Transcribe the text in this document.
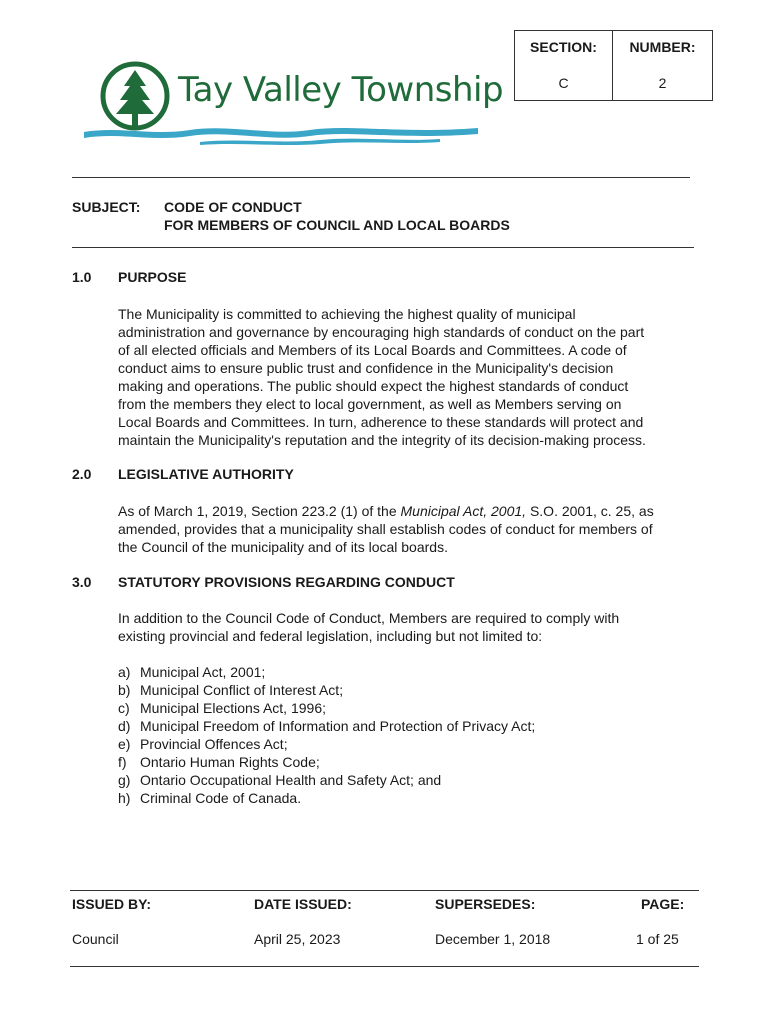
Tay Valley Township
SECTION:
C
NUMBER:
2
SUBJECT: CODE OF CONDUCT
FOR MEMBERS OF COUNCIL AND LOCAL BOARDS
1.0 PURPOSE
The Municipality is committed to achieving the highest quality of municipal
administration and governance by encouraging high standards of conduct on the part
of all elected officials and Members of its Local Boards and Committees. A code of
conduct aims to ensure public trust and confidence in the Municipality's decision
making and operations. The public should expect the highest standards of conduct
from the members they elect to local government, as well as Members serving on
Local Boards and Committees. In turn, adherence to these standards will protect and
maintain the Municipality's reputation and the integrity of its decision-making process.
2.0 LEGISLATIVE AUTHORITY
As of March 1, 2019, Section 223.2 (1) of the Municipal Act, 2001, S.O. 2001, c. 25, as
amended, provides that a municipality shall establish codes of conduct for members of
the Council of the municipality and of its local boards.
3.0 STATUTORY PROVISIONS REGARDING CONDUCT
In addition to the Council Code of Conduct, Members are required to comply with
existing provincial and federal legislation, including but not limited to:
a) Municipal Act, 2001;
b) Municipal Conflict of Interest Act;
c) Municipal Elections Act, 1996;
d) Municipal Freedom of Information and Protection of Privacy Act;
e) Provincial Offences Act;
f) Ontario Human Rights Code;
g) Ontario Occupational Health and Safety Act; and
h) Criminal Code of Canada.
ISSUED BY:	DATE ISSUED:	SUPERSEDES:	PAGE:
Council	April 25, 2023	December 1, 2018	1 of 25
